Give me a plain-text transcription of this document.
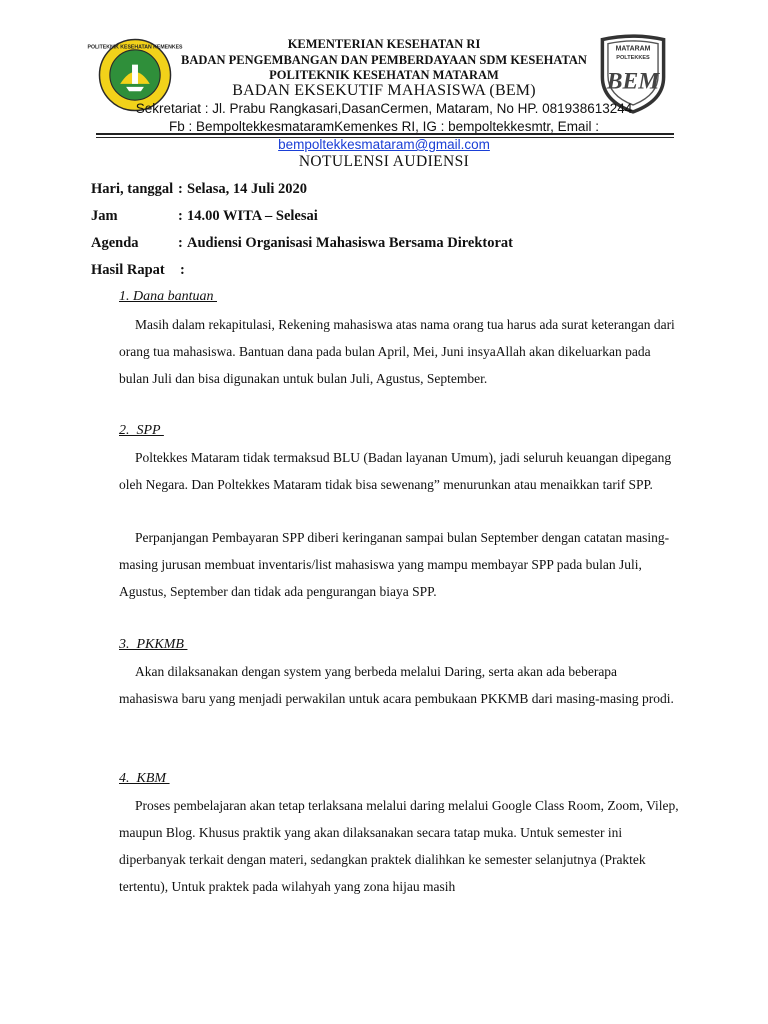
POLITEKNIK KESEHATAN KEMENKES	MATARAM
POLTEKKES
BEM
KEMENTERIAN KESEHATAN RI
BADAN PENGEMBANGAN DAN PEMBERDAYAAN SDM KESEHATAN
POLITEKNIK KESEHATAN MATARAM
BADAN EKSEKUTIF MAHASISWA (BEM)
Sekretariat : Jl. Prabu Rangkasari,DasanCermen, Mataram, No HP. 081938613244
Fb : BempoltekkesmataramKemenkes RI, IG : bempoltekkesmtr, Email :
bempoltekkesmataram@gmail.com
NOTULENSI AUDIENSI
Hari, tanggal : Selasa, 14 Juli 2020
Jam	: 14.00 WITA – Selesai
Agenda	: Audiensi Organisasi Mahasiswa Bersama Direktorat
Hasil Rapat :
1. Dana bantuan

Masih dalam rekapitulasi, Rekening mahasiswa atas nama orang tua harus ada surat keterangan dari orang tua mahasiswa. Bantuan dana pada bulan April, Mei, Juni insyaAllah akan dikeluarkan pada bulan Juli dan bisa digunakan untuk bulan Juli, Agustus, September.

2.  SPP

Poltekkes Mataram tidak termaksud BLU (Badan layanan Umum), jadi seluruh keuangan dipegang oleh Negara. Dan Poltekkes Mataram tidak bisa sewenang” menurunkan atau menaikkan tarif SPP.

Perpanjangan Pembayaran SPP diberi keringanan sampai bulan September dengan catatan masing-masing jurusan membuat inventaris/list mahasiswa yang mampu membayar SPP pada bulan Juli, Agustus, September dan tidak ada pengurangan biaya SPP.

3.  PKKMB

Akan dilaksanakan dengan system yang berbeda melalui Daring, serta akan ada beberapa mahasiswa baru yang menjadi perwakilan untuk acara pembukaan PKKMB dari masing-masing prodi.

4.  KBM

Proses pembelajaran akan tetap terlaksana melalui daring melalui Google Class Room, Zoom, Vilep, maupun Blog. Khusus praktik yang akan dilaksanakan secara tatap muka. Untuk semester ini diperbanyak terkait dengan materi, sedangkan praktek dialihkan ke semester selanjutnya (Praktek tertentu), Untuk praktek pada wilahyah yang zona hijau masih
